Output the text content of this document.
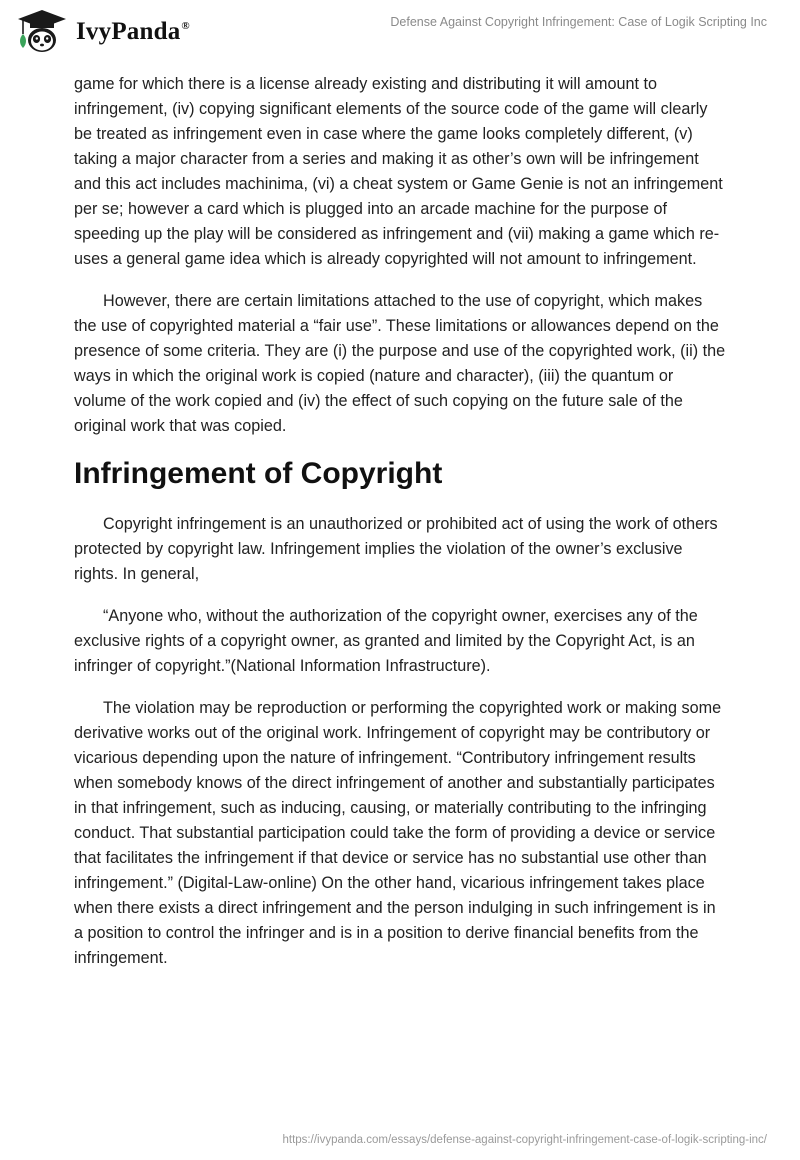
IvyPanda®	Defense Against Copyright Infringement: Case of Logik Scripting Inc

game for which there is a license already existing and distributing it will amount to infringement, (iv) copying significant elements of the source code of the game will clearly be treated as infringement even in case where the game looks completely different, (v) taking a major character from a series and making it as other’s own will be infringement and this act includes machinima, (vi) a cheat system or Game Genie is not an infringement per se; however a card which is plugged into an arcade machine for the purpose of speeding up the play will be considered as infringement and (vii) making a game which re-uses a general game idea which is already copyrighted will not amount to infringement.

However, there are certain limitations attached to the use of copyright, which makes the use of copyrighted material a “fair use”. These limitations or allowances depend on the presence of some criteria. They are (i) the purpose and use of the copyrighted work, (ii) the ways in which the original work is copied (nature and character), (iii) the quantum or volume of the work copied and (iv) the effect of such copying on the future sale of the original work that was copied.

Infringement of Copyright

Copyright infringement is an unauthorized or prohibited act of using the work of others protected by copyright law. Infringement implies the violation of the owner’s exclusive rights. In general,

“Anyone who, without the authorization of the copyright owner, exercises any of the exclusive rights of a copyright owner, as granted and limited by the Copyright Act, is an infringer of copyright.”(National Information Infrastructure).

The violation may be reproduction or performing the copyrighted work or making some derivative works out of the original work. Infringement of copyright may be contributory or vicarious depending upon the nature of infringement. “Contributory infringement results when somebody knows of the direct infringement of another and substantially participates in that infringement, such as inducing, causing, or materially contributing to the infringing conduct. That substantial participation could take the form of providing a device or service that facilitates the infringement if that device or service has no substantial use other than infringement.” (Digital-Law-online) On the other hand, vicarious infringement takes place when there exists a direct infringement and the person indulging in such infringement is in a position to control the infringer and is in a position to derive financial benefits from the infringement.

https://ivypanda.com/essays/defense-against-copyright-infringement-case-of-logik-scripting-inc/
